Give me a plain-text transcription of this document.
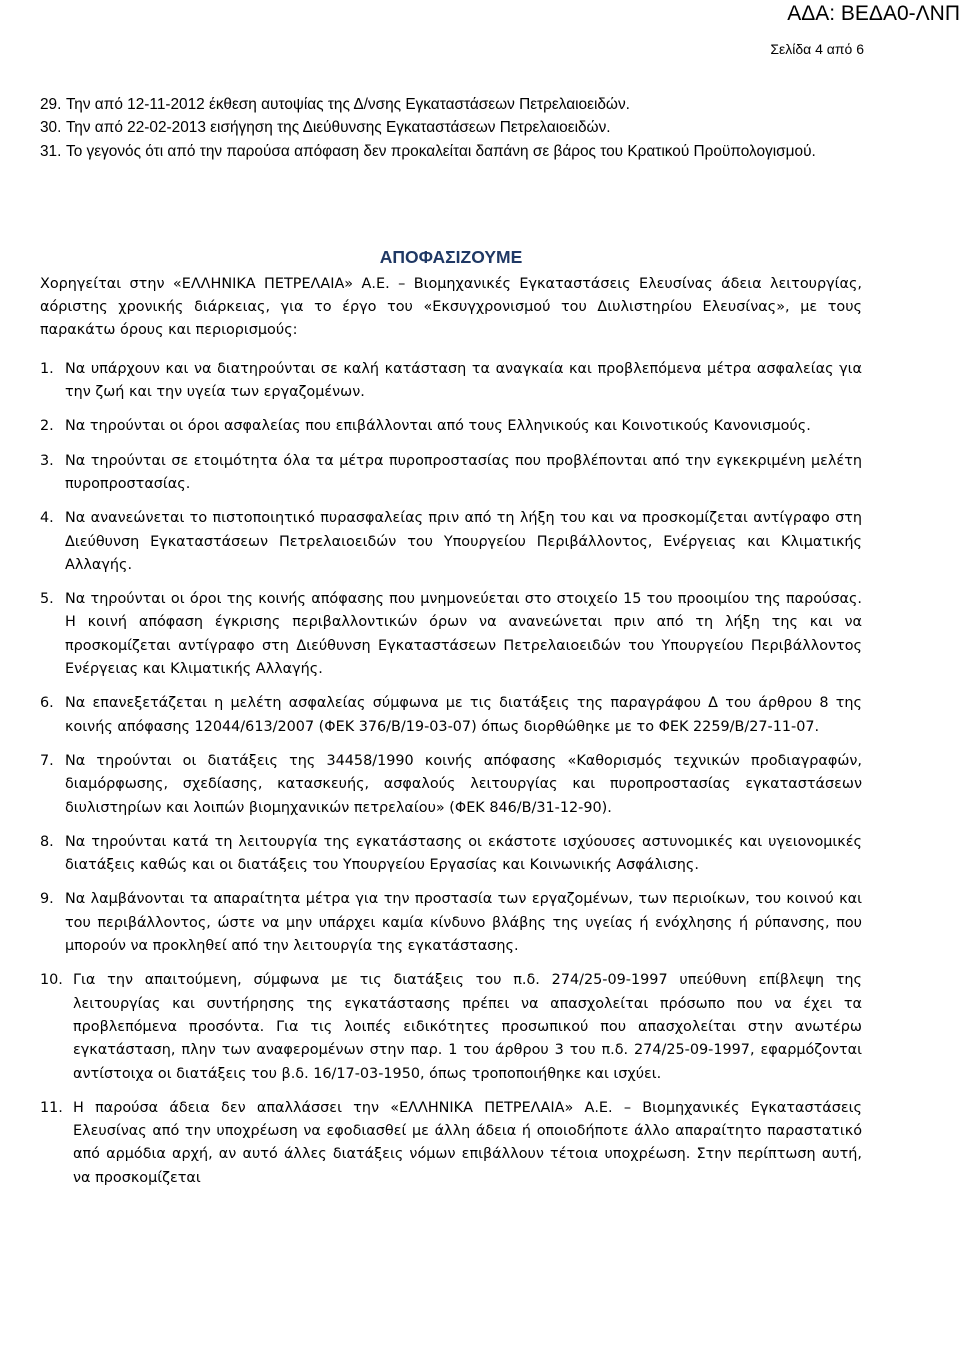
ΑΔΑ: ΒΕΔΑ0-ΛΝΠ
Σελίδα 4 από 6
29. Την από 12-11-2012 έκθεση αυτοψίας της Δ/νσης Εγκαταστάσεων Πετρελαιοειδών.
30. Την από 22-02-2013 εισήγηση της Διεύθυνσης Εγκαταστάσεων Πετρελαιοειδών.
31. Το γεγονός ότι από την παρούσα απόφαση δεν προκαλείται δαπάνη σε βάρος του Κρατικού Προϋπολογισμού.
ΑΠΟΦΑΣΙΖΟΥΜΕ

Χορηγείται στην «ΕΛΛΗΝΙΚΑ ΠΕΤΡΕΛΑΙΑ» Α.Ε. – Βιομηχανικές Εγκαταστάσεις Ελευσίνας άδεια λειτουργίας, αόριστης χρονικής διάρκειας, για το έργο του «Εκσυγχρονισμού του Διυλιστηρίου Ελευσίνας», με τους παρακάτω όρους και περιορισμούς:

1. Να υπάρχουν και να διατηρούνται σε καλή κατάσταση τα αναγκαία και προβλεπόμενα μέτρα ασφαλείας για την ζωή και την υγεία των εργαζομένων.
2. Να τηρούνται οι όροι ασφαλείας που επιβάλλονται από τους Ελληνικούς και Κοινοτικούς Κανονισμούς.
3. Να τηρούνται σε ετοιμότητα όλα τα μέτρα πυροπροστασίας που προβλέπονται από την εγκεκριμένη μελέτη πυροπροστασίας.
4. Να ανανεώνεται το πιστοποιητικό πυρασφαλείας πριν από τη λήξη του και να προσκομίζεται αντίγραφο στη Διεύθυνση Εγκαταστάσεων Πετρελαιοειδών του Υπουργείου Περιβάλλοντος, Ενέργειας και Κλιματικής Αλλαγής.
5. Να τηρούνται οι όροι της κοινής απόφασης που μνημονεύεται στο στοιχείο 15 του προοιμίου της παρούσας. Η κοινή απόφαση έγκρισης περιβαλλοντικών όρων να ανανεώνεται πριν από τη λήξη της και να προσκομίζεται αντίγραφο στη Διεύθυνση Εγκαταστάσεων Πετρελαιοειδών του Υπουργείου Περιβάλλοντος Ενέργειας και Κλιματικής Αλλαγής.
6. Να επανεξετάζεται η μελέτη ασφαλείας σύμφωνα με τις διατάξεις της παραγράφου Δ του άρθρου 8 της κοινής απόφασης 12044/613/2007 (ΦΕΚ 376/Β/19-03-07) όπως διορθώθηκε με το ΦΕΚ 2259/Β/27-11-07.
7. Να τηρούνται οι διατάξεις της 34458/1990 κοινής απόφασης «Καθορισμός τεχνικών προδιαγραφών, διαμόρφωσης, σχεδίασης, κατασκευής, ασφαλούς λειτουργίας και πυροπροστασίας εγκαταστάσεων διυλιστηρίων και λοιπών βιομηχανικών πετρελαίου» (ΦΕΚ 846/Β/31-12-90).
8. Να τηρούνται κατά τη λειτουργία της εγκατάστασης οι εκάστοτε ισχύουσες αστυνομικές και υγειονομικές διατάξεις καθώς και οι διατάξεις του Υπουργείου Εργασίας και Κοινωνικής Ασφάλισης.
9. Να λαμβάνονται τα απαραίτητα μέτρα για την προστασία των εργαζομένων, των περιοίκων, του κοινού και του περιβάλλοντος, ώστε να μην υπάρχει καμία κίνδυνο βλάβης της υγείας ή ενόχλησης ή ρύπανσης, που μπορούν να προκληθεί από την λειτουργία της εγκατάστασης.
10. Για την απαιτούμενη, σύμφωνα με τις διατάξεις του π.δ. 274/25-09-1997 υπεύθυνη επίβλεψη της λειτουργίας και συντήρησης της εγκατάστασης πρέπει να απασχολείται πρόσωπο που να έχει τα προβλεπόμενα προσόντα. Για τις λοιπές ειδικότητες προσωπικού που απασχολείται στην ανωτέρω εγκατάσταση, πλην των αναφερομένων στην παρ. 1 του άρθρου 3 του π.δ. 274/25-09-1997, εφαρμόζονται αντίστοιχα οι διατάξεις του β.δ. 16/17-03-1950, όπως τροποποιήθηκε και ισχύει.
11. Η παρούσα άδεια δεν απαλλάσσει την «ΕΛΛΗΝΙΚΑ ΠΕΤΡΕΛΑΙΑ» Α.Ε. – Βιομηχανικές Εγκαταστάσεις Ελευσίνας από την υποχρέωση να εφοδιασθεί με άλλη άδεια ή οποιοδήποτε άλλο απαραίτητο παραστατικό από αρμόδια αρχή, αν αυτό άλλες διατάξεις νόμων επιβάλλουν τέτοια υποχρέωση. Στην περίπτωση αυτή, να προσκομίζεται
